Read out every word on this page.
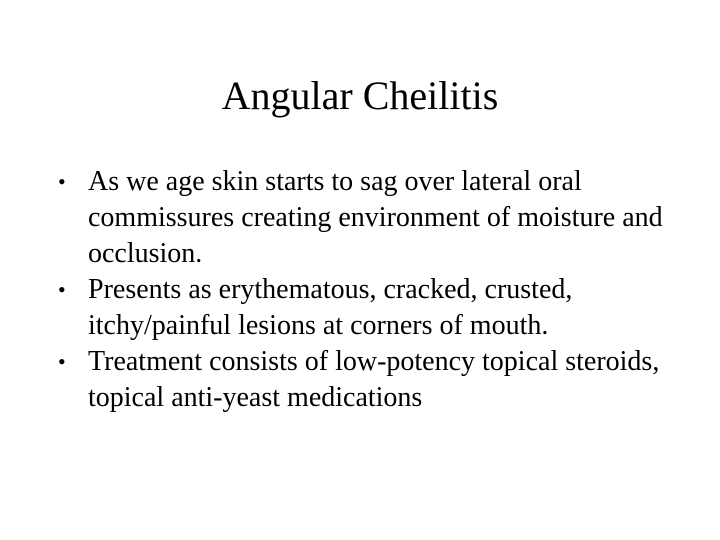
Angular Cheilitis
• As we age skin starts to sag over lateral oral commissures creating environment of moisture and occlusion.
• Presents as erythematous, cracked, crusted, itchy/painful lesions at corners of mouth.
• Treatment consists of low-potency topical steroids, topical anti-yeast medications
